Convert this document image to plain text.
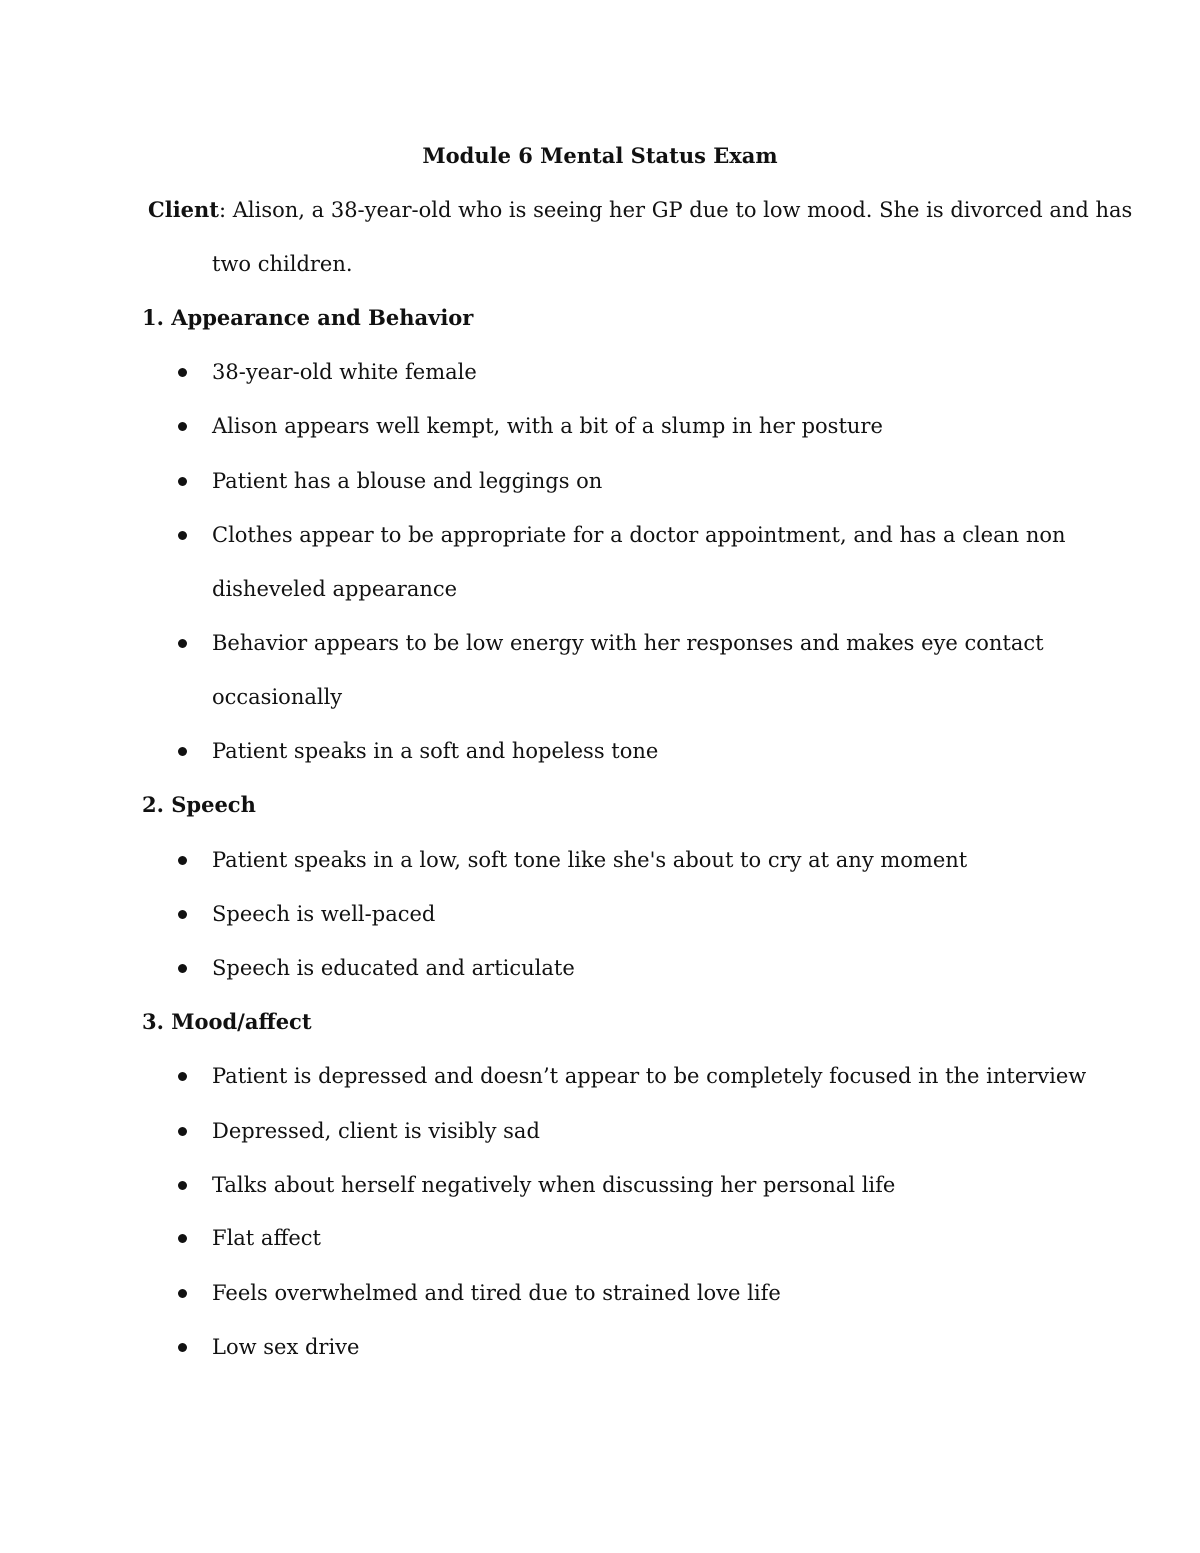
Module 6 Mental Status Exam
Client: Alison, a 38-year-old who is seeing her GP due to low mood. She is divorced and has
two children.
1. Appearance and Behavior
38-year-old white female
Alison appears well kempt, with a bit of a slump in her posture
Patient has a blouse and leggings on
Clothes appear to be appropriate for a doctor appointment, and has a clean non
disheveled appearance
Behavior appears to be low energy with her responses and makes eye contact
occasionally
Patient speaks in a soft and hopeless tone
2. Speech
Patient speaks in a low, soft tone like she's about to cry at any moment
Speech is well-paced
Speech is educated and articulate
3. Mood/affect
Patient is depressed and doesn’t appear to be completely focused in the interview
Depressed, client is visibly sad
Talks about herself negatively when discussing her personal life
Flat affect
Feels overwhelmed and tired due to strained love life
Low sex drive
